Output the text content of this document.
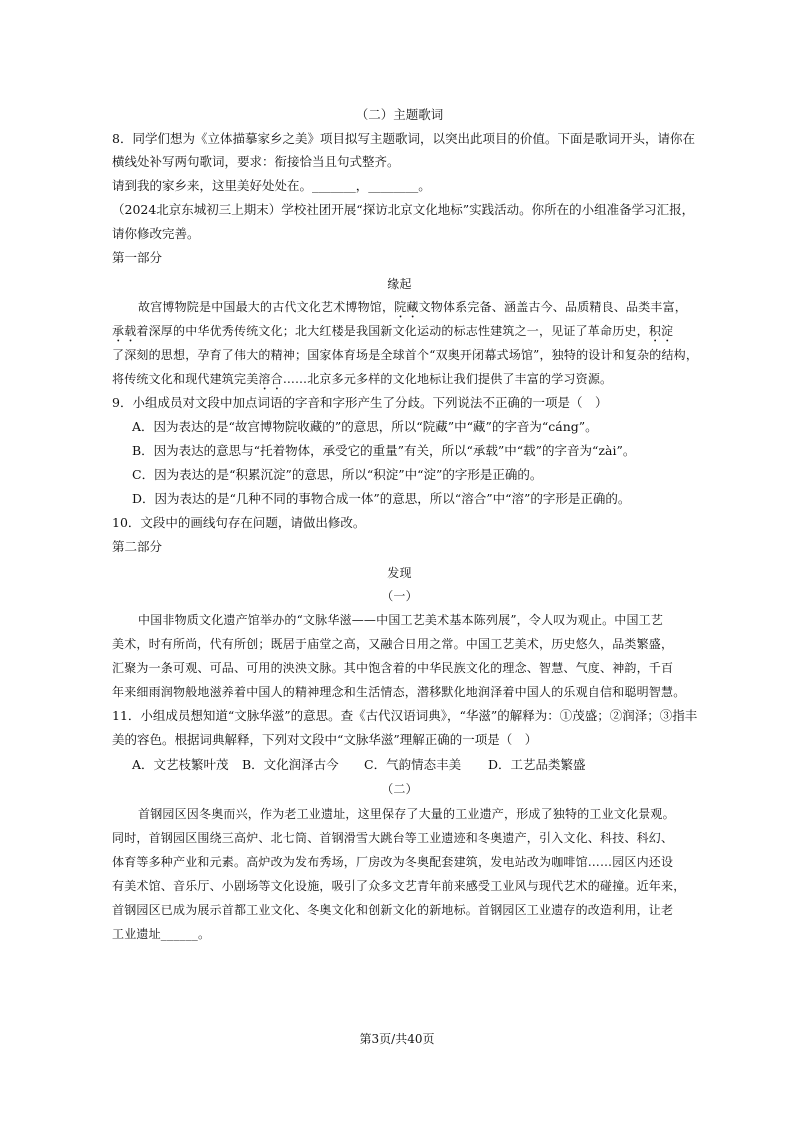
（二）主题歌词
8．同学们想为《立体描摹家乡之美》项目拟写主题歌词，以突出此项目的价值。下面是歌词开头，请你在
横线处补写两句歌词，要求：衔接恰当且句式整齐。
请到我的家乡来，这里美好处处在。_______，________。
（2024北京东城初三上期末）学校社团开展“探访北京文化地标”实践活动。你所在的小组准备学习汇报，
请你修改完善。
第一部分
缘起
故宫博物院是中国最大的古代文化艺术博物馆，院藏文物体系完备、涵盖古今、品质精良、品类丰富，
承载着深厚的中华优秀传统文化；北大红楼是我国新文化运动的标志性建筑之一，见证了革命历史，积淀
了深刻的思想，孕育了伟大的精神；国家体育场是全球首个“双奥开闭幕式场馆”，独特的设计和复杂的结构，
将传统文化和现代建筑完美溶合……北京多元多样的文化地标让我们提供了丰富的学习资源。
9．小组成员对文段中加点词语的字音和字形产生了分歧。下列说法不正确的一项是（　）
A．因为表达的是“故宫博物院收藏的”的意思，所以“院藏”中“藏”的字音为“cáng”。
B．因为表达的意思与“托着物体，承受它的重量”有关，所以“承载”中“载”的字音为“zài”。
C．因为表达的是“积累沉淀”的意思，所以“积淀”中“淀”的字形是正确的。
D．因为表达的是“几种不同的事物合成一体”的意思，所以“溶合”中“溶”的字形是正确的。
10．文段中的画线句存在问题，请做出修改。
第二部分
发现
（一）
中国非物质文化遗产馆举办的“文脉华滋——中国工艺美术基本陈列展”，令人叹为观止。中国工艺
美术，时有所尚，代有所创；既居于庙堂之高，又融合日用之常。中国工艺美术，历史悠久，品类繁盛，
汇聚为一条可观、可品、可用的泱泱文脉。其中饱含着的中华民族文化的理念、智慧、气度、神韵，千百
年来细雨润物般地滋养着中国人的精神理念和生活情态，潜移默化地润泽着中国人的乐观自信和聪明智慧。
11．小组成员想知道“文脉华滋”的意思。查《古代汉语词典》，“华滋”的解释为：①茂盛；②润泽；③指丰
美的容色。根据词典解释，下列对文段中“文脉华滋”理解正确的一项是（　）
A．文艺枝繁叶茂 B．文化润泽古今 C．气韵情态丰美 D．工艺品类繁盛
（二）
首钢园区因冬奥而兴，作为老工业遗址，这里保存了大量的工业遗产，形成了独特的工业文化景观。
同时，首钢园区围绕三高炉、北七筒、首钢滑雪大跳台等工业遗迹和冬奥遗产，引入文化、科技、科幻、
体育等多种产业和元素。高炉改为发布秀场，厂房改为冬奥配套建筑，发电站改为咖啡馆……园区内还设
有美术馆、音乐厅、小剧场等文化设施，吸引了众多文艺青年前来感受工业风与现代艺术的碰撞。近年来，
首钢园区已成为展示首都工业文化、冬奥文化和创新文化的新地标。首钢园区工业遗存的改造利用，让老
工业遗址______。
第3页/共40页
